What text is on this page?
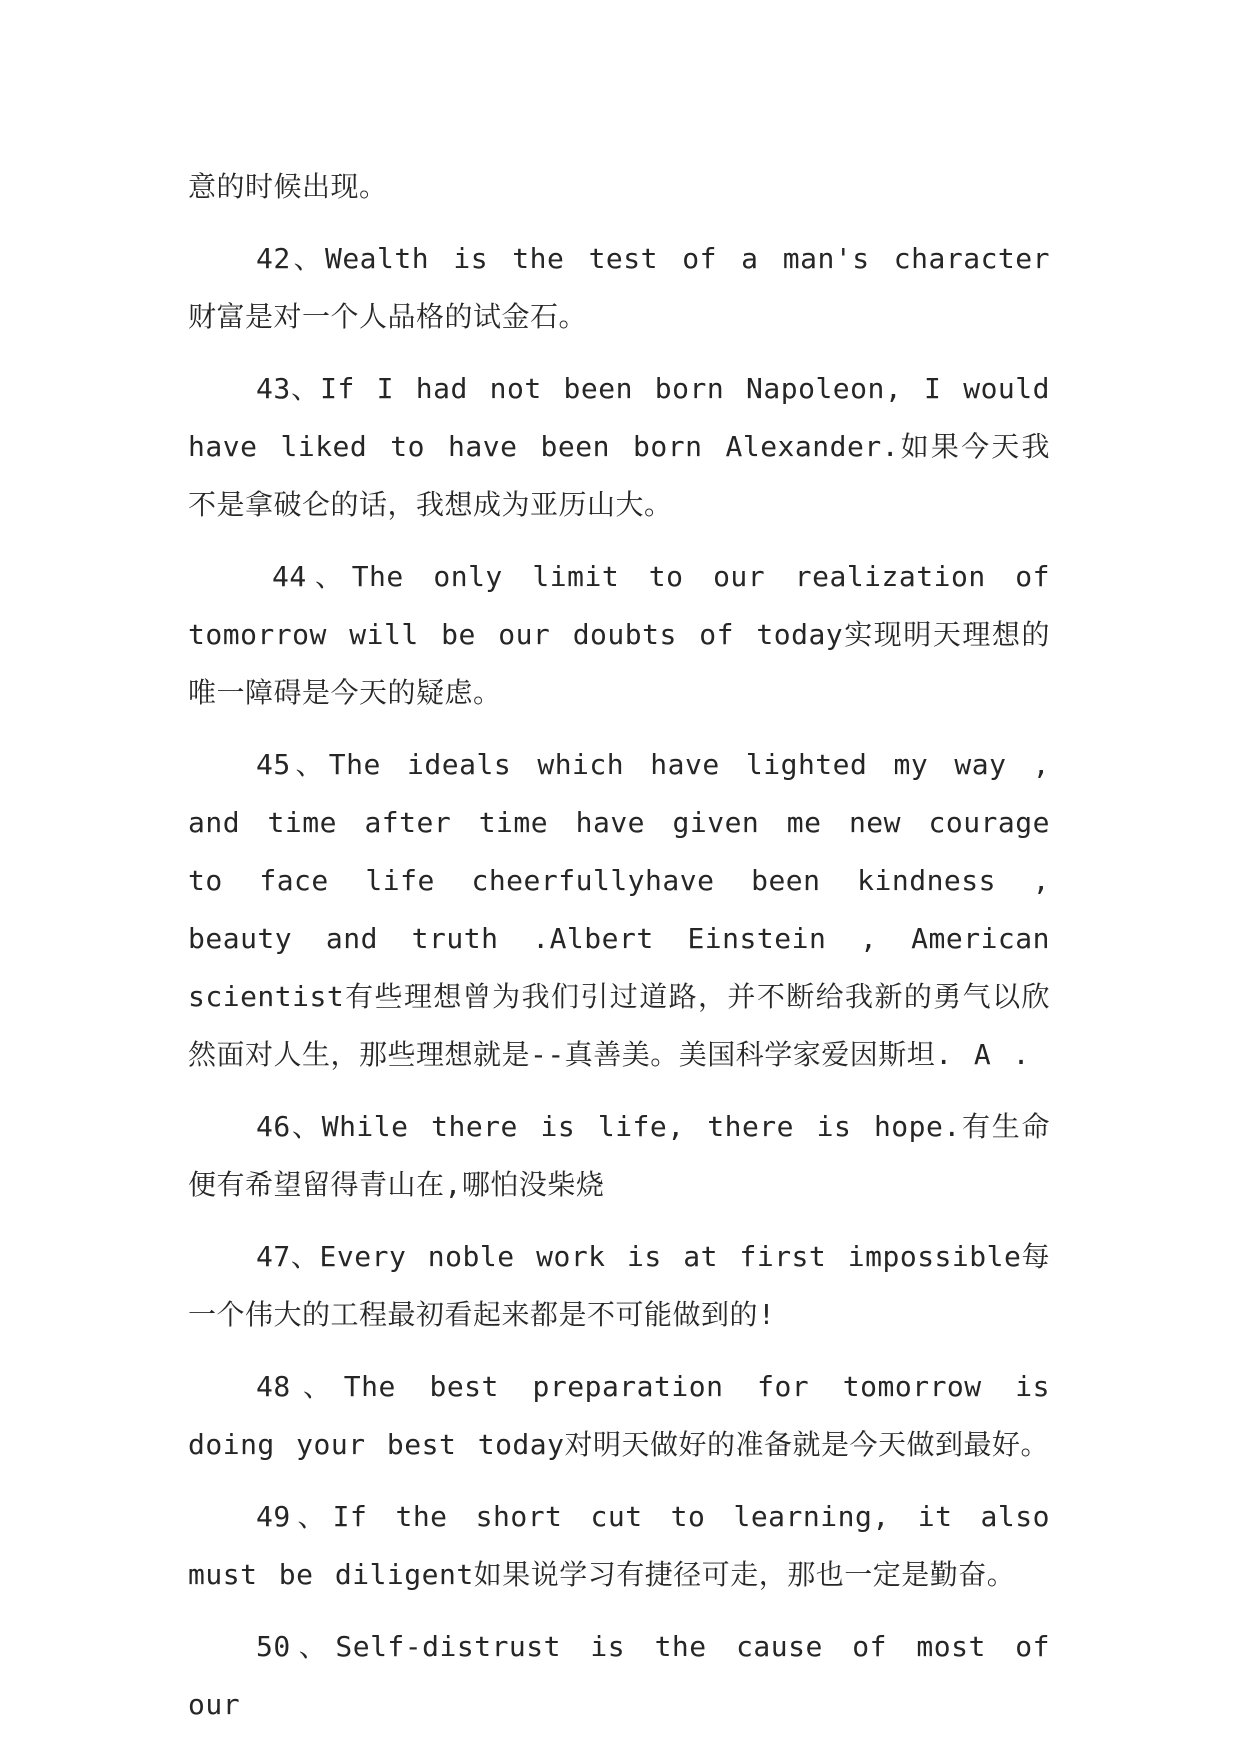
意的时候出现。

42、Wealth is the test of a man's character财富是对一个人品格的试金石。

43、If I had not been born Napoleon, I would have liked to have been born Alexander.如果今天我不是拿破仑的话，我想成为亚历山大。

44、The only limit to our realization of tomorrow will be our doubts of today实现明天理想的唯一障碍是今天的疑虑。

45、The ideals which have lighted my way , and time after time have given me new courage to face life cheerfullyhave been kindness , beauty and truth .Albert Einstein , American scientist有些理想曾为我们引过道路，并不断给我新的勇气以欣然面对人生，那些理想就是--真善美。美国科学家爱因斯坦. A .

46、While there is life, there is hope.有生命便有希望留得青山在,哪怕没柴烧

47、Every noble work is at first impossible每一个伟大的工程最初看起来都是不可能做到的!

48、The best preparation for tomorrow is doing your best today对明天做好的准备就是今天做到最好。

49、If the short cut to learning, it also must be diligent如果说学习有捷径可走，那也一定是勤奋。

50、Self-distrust is the cause of most of our
